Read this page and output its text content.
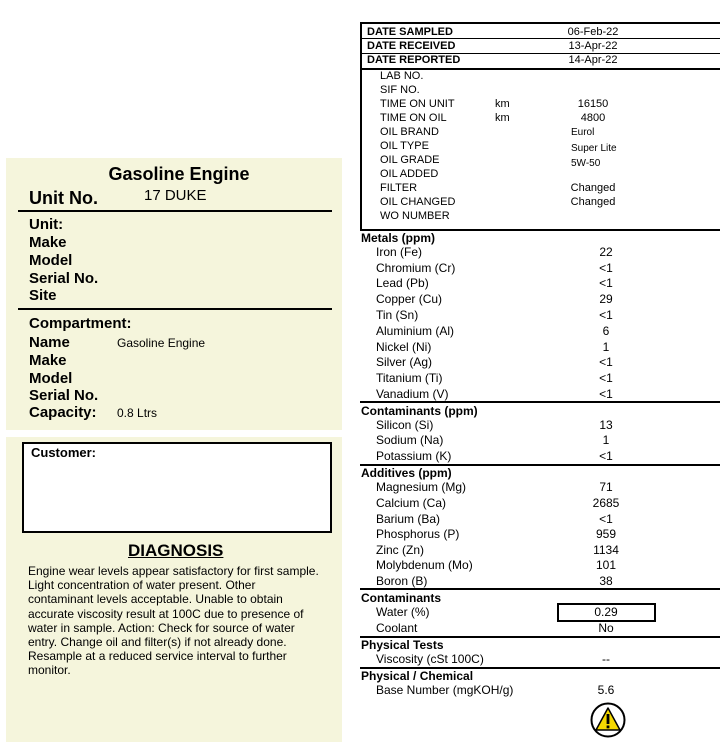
Gasoline Engine
Unit No.	17 DUKE
Unit:
Make
Model
Serial No.
Site
Compartment:
Name	Gasoline Engine
Make
Model
Serial No.
Capacity: 0.8 Ltrs
Customer:
DIAGNOSIS
Engine wear levels appear satisfactory for first sample.
Light concentration of water present. Other
contaminant levels acceptable. Unable to obtain
accurate viscosity result at 100C due to presence of
water in sample. Action: Check for source of water
entry. Change oil and filter(s) if not already done.
Resample at a reduced service interval to further
monitor.
DATE SAMPLED	06-Feb-22
DATE RECEIVED	13-Apr-22
DATE REPORTED	14-Apr-22
LAB NO.
SIF NO.
TIME ON UNIT	km	16150
TIME ON OIL	km	4800
OIL BRAND	Eurol
OIL TYPE	Super Lite
OIL GRADE	5W-50
OIL ADDED
FILTER	Changed
OIL CHANGED	Changed
WO NUMBER
Metals (ppm)
Iron (Fe)	22
Chromium (Cr)	<1
Lead (Pb)	<1
Copper (Cu)	29
Tin (Sn)	<1
Aluminium (Al)	6
Nickel (Ni)	1
Silver (Ag)	<1
Titanium (Ti)	<1
Vanadium (V)	<1
Contaminants (ppm)
Silicon (Si)	13
Sodium (Na)	1
Potassium (K)	<1
Additives (ppm)
Magnesium (Mg)	71
Calcium (Ca)	2685
Barium (Ba)	<1
Phosphorus (P)	959
Zinc (Zn)	1134
Molybdenum (Mo)	101
Boron (B)	38
Contaminants
Water (%)	0.29
Coolant	No
Physical Tests
Viscosity (cSt 100C)	--
Physical / Chemical
Base Number (mgKOH/g)	5.6
